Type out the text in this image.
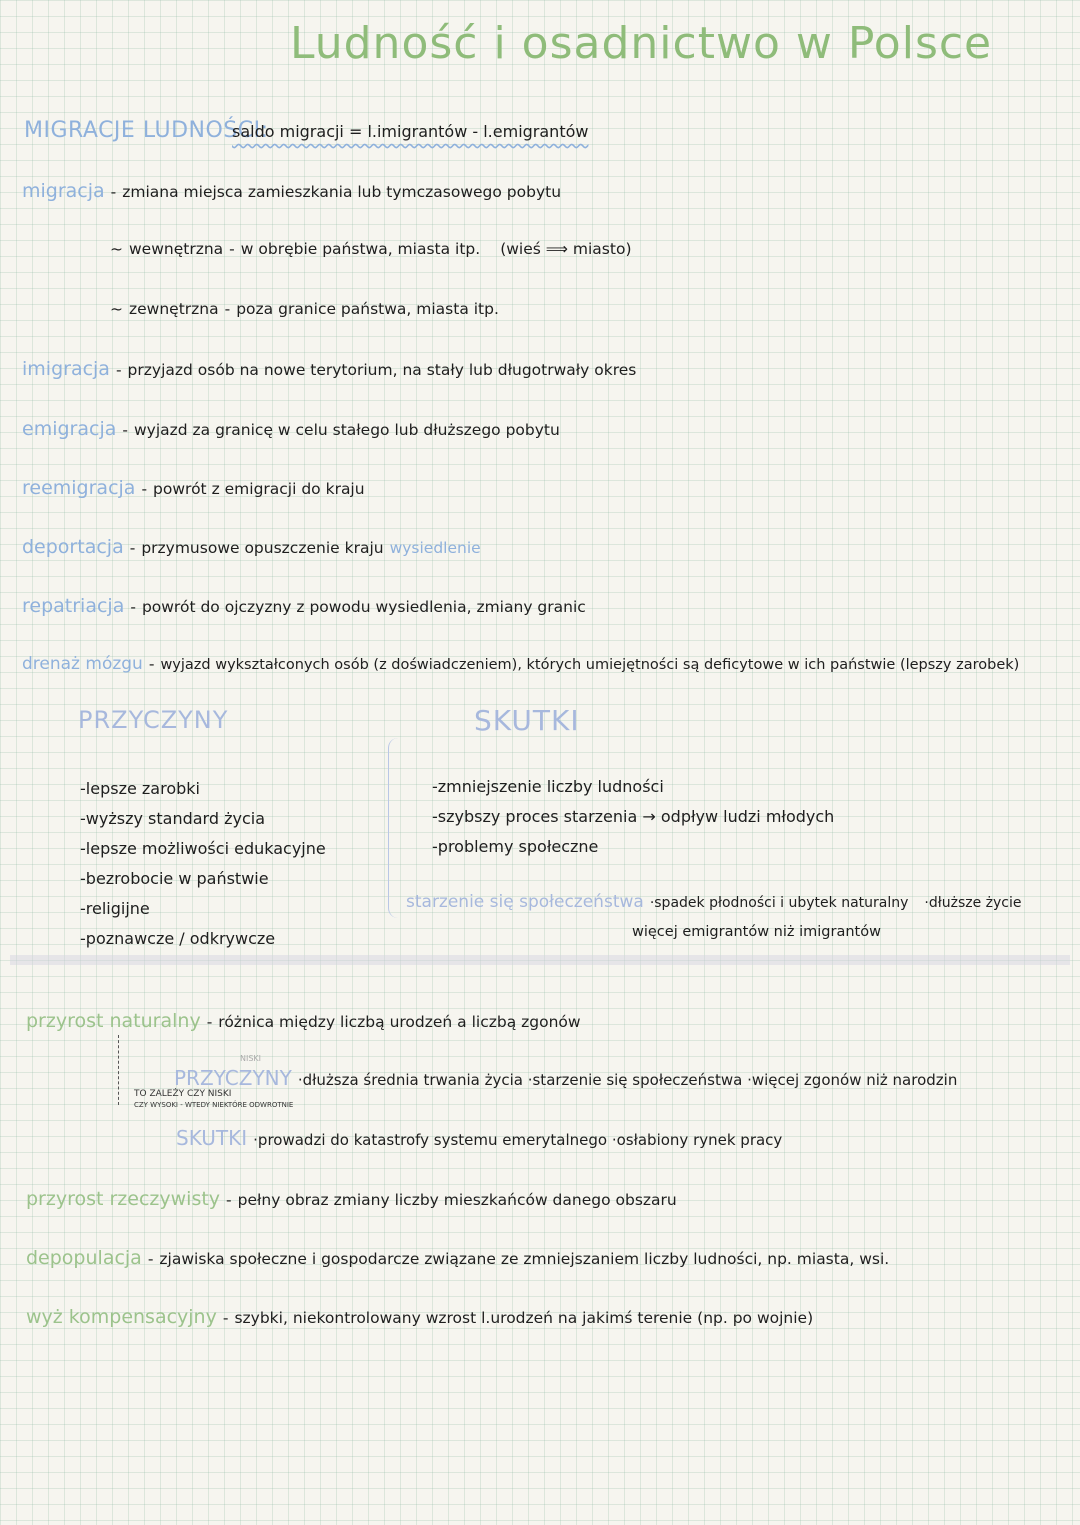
Ludność i osadnictwo w Polsce
MIGRACJE LUDNOŚCI:
saldo migracji = l.imigrantów - l.emigrantów
migracja - zmiana miejsca zamieszkania lub tymczasowego pobytu
~ wewnętrzna - w obrębie państwa, miasta itp. (wieś ⟹ miasto)
~ zewnętrzna - poza granice państwa, miasta itp.
imigracja - przyjazd osób na nowe terytorium, na stały lub długotrwały okres
emigracja - wyjazd za granicę w celu stałego lub dłuższego pobytu
reemigracja - powrót z emigracji do kraju
deportacja - przymusowe opuszczenie kraju wysiedlenie
repatriacja - powrót do ojczyzny z powodu wysiedlenia, zmiany granic
drenaż mózgu - wyjazd wykształconych osób (z doświadczeniem), których umiejętności są deficytowe w ich państwie (lepszy zarobek)
PRZYCZYNY	SKUTKI
-lepsze zarobki
-wyższy standard życia
-lepsze możliwości edukacyjne
-bezrobocie w państwie
-religijne
-poznawcze / odkrywcze
-zmniejszenie liczby ludności
-szybszy proces starzenia → odpływ ludzi młodych
-problemy społeczne
starzenie się społeczeństwa ·spadek płodności i ubytek naturalny ·dłuższe życie
więcej emigrantów niż imigrantów
przyrost naturalny - różnica między liczbą urodzeń a liczbą zgonów
NISKI
PRZYCZYNY ·dłuższa średnia trwania życia ·starzenie się społeczeństwa ·więcej zgonów niż narodzin
TO ZALEŻY CZY NISKI
CZY WYSOKI - WTEDY NIEKTÓRE ODWROTNIE
SKUTKI ·prowadzi do katastrofy systemu emerytalnego ·osłabiony rynek pracy
przyrost rzeczywisty - pełny obraz zmiany liczby mieszkańców danego obszaru
depopulacja - zjawiska społeczne i gospodarcze związane ze zmniejszaniem liczby ludności, np. miasta, wsi.
wyż kompensacyjny - szybki, niekontrolowany wzrost l.urodzeń na jakimś terenie (np. po wojnie)
